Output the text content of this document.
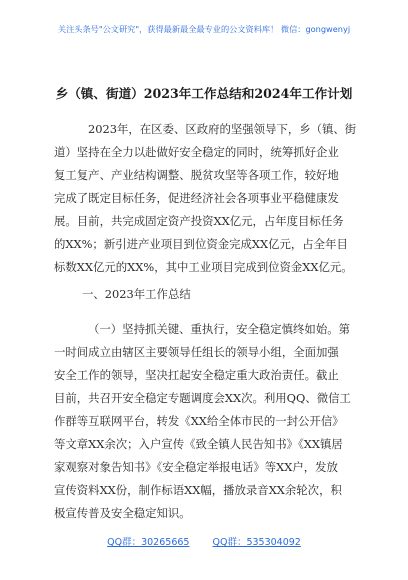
关注头条号"公文研究"，获得最新最全最专业的公文资料库！ 微信：gongwenyj
乡（镇、街道）2023年工作总结和2024年工作计划
2023年，在区委、区政府的坚强领导下，乡（镇、街
道）坚持在全力以赴做好安全稳定的同时，统筹抓好企业
复工复产、产业结构调整、脱贫攻坚等各项工作，较好地
完成了既定目标任务，促进经济社会各项事业平稳健康发
展。目前，共完成固定资产投资XX亿元，占年度目标任务
的XX%；新引进产业项目到位资金完成XX亿元，占全年目
标数XX亿元的XX%，其中工业项目完成到位资金XX亿元。
一、2023年工作总结
（一）坚持抓关键、重执行，安全稳定慎终如始。第
一时间成立由辖区主要领导任组长的领导小组，全面加强
安全工作的领导，坚决扛起安全稳定重大政治责任。截止
目前，共召开安全稳定专题调度会XX次。利用QQ、微信工
作群等互联网平台，转发《XX给全体市民的一封公开信》
等文章XX余次；入户宣传《致全镇人民告知书》《XX镇居
家观察对象告知书》《安全稳定举报电话》等XX户，发放
宣传资料XX份，制作标语XX幅，播放录音XX余轮次，积
极宣传普及安全稳定知识。
QQ群：30265665 QQ群：535304092
